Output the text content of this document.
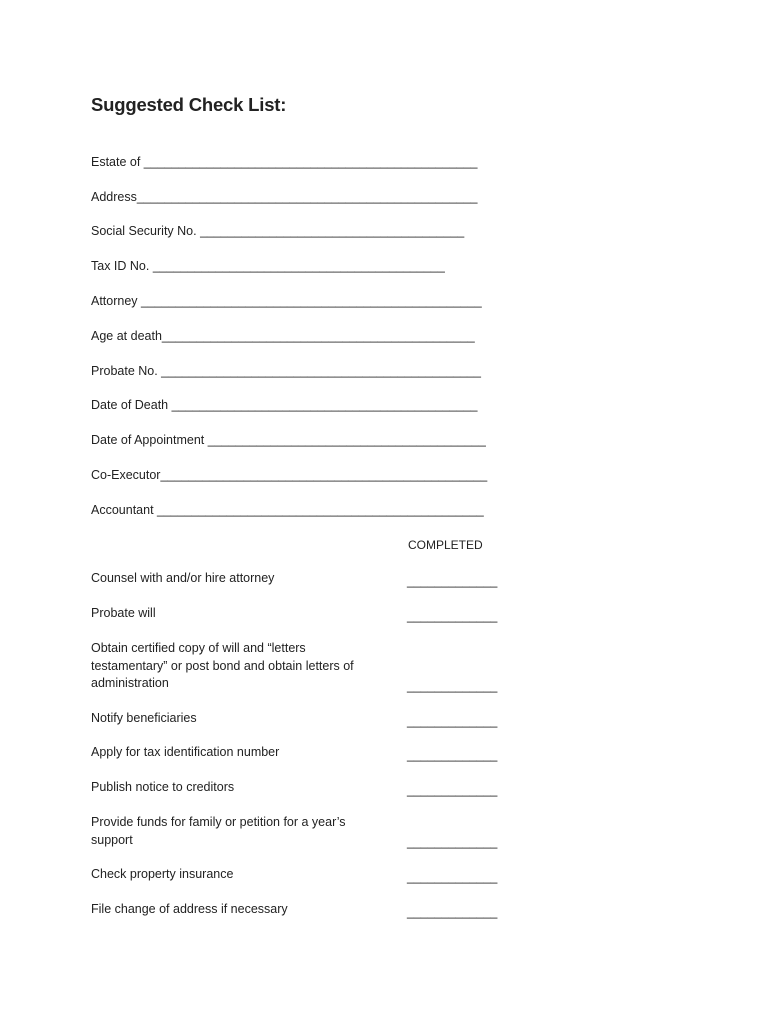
Suggested Check List:
Estate of ________________________________________________
Address_________________________________________________
Social Security No. ______________________________________
Tax ID No. __________________________________________
Attorney _________________________________________________
Age at death_____________________________________________
Probate No. ______________________________________________
Date of Death ____________________________________________
Date of Appointment ________________________________________
Co-Executor_______________________________________________
Accountant _______________________________________________
COMPLETED
Counsel with and/or hire attorney	_____________
Probate will	_____________
Obtain certified copy of will and “letters testamentary” or post bond and obtain letters of administration	_____________
Notify beneficiaries	_____________
Apply for tax identification number	_____________
Publish notice to creditors	_____________
Provide funds for family or petition for a year’s support	_____________
Check property insurance	_____________
File change of address if necessary	_____________
